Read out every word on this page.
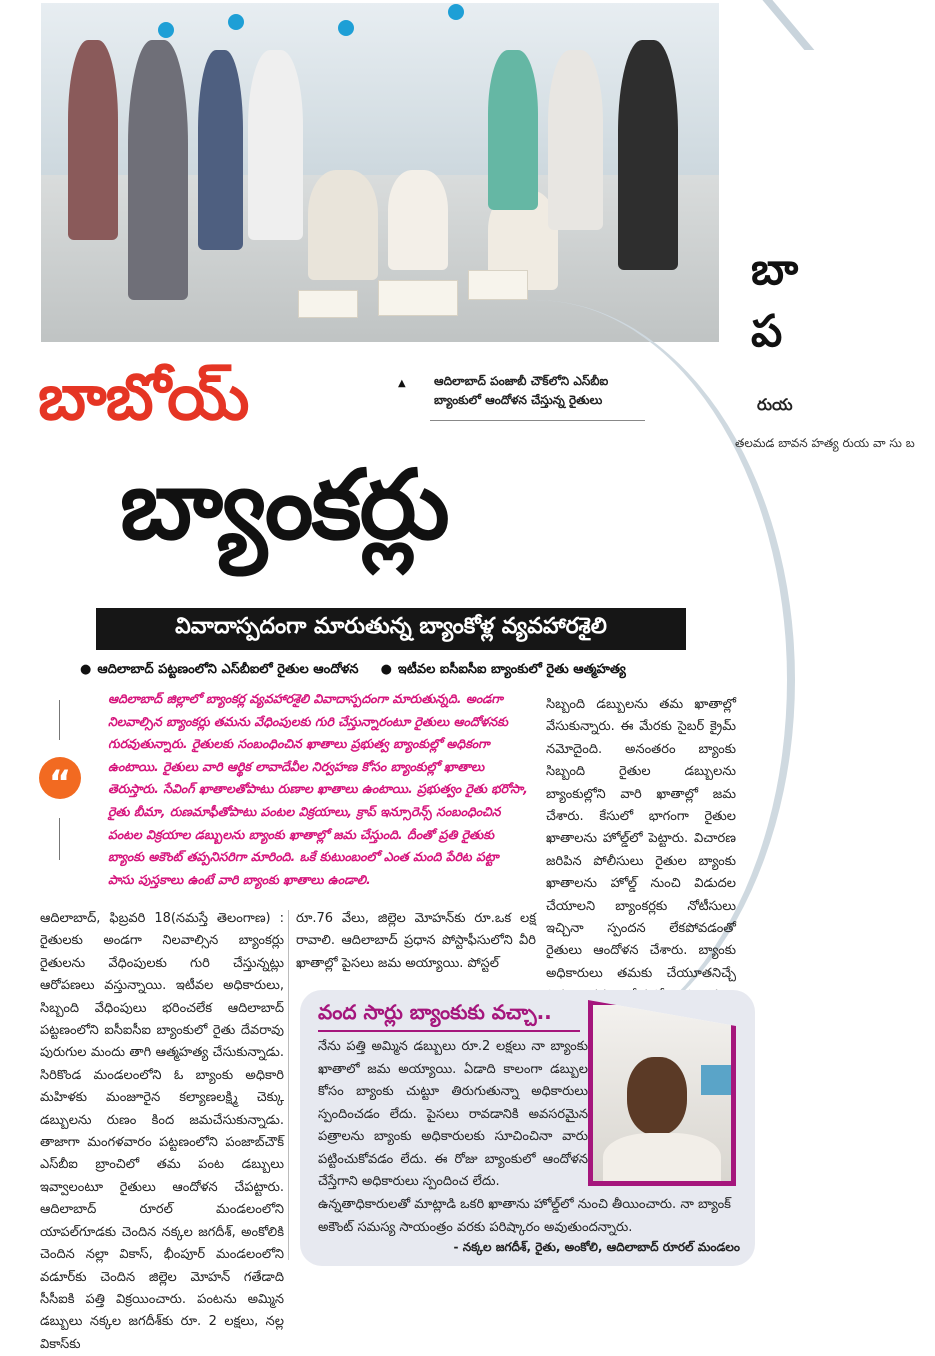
బా
ప
రుయ
తలమడ బావన హత్య రుయ వా సు బ
▲	ఆదిలాబాద్ పంజాబీ చౌక్‌లోని ఎస్‌బీఐ
బ్యాంకులో ఆందోళన చేస్తున్న రైతులు
బాబోయ్
బ్యాంకర్లు
వివాదాస్పదంగా మారుతున్న బ్యాంకోళ్ల వ్యవహారశైలి
● ఆదిలాబాద్ పట్టణంలోని ఎస్‌బీఐలో రైతుల ఆందోళన
●	ఇటీవల ఐసీఐసీఐ బ్యాంకులో రైతు ఆత్మహత్య
“
ఆదిలాబాద్ జిల్లాలో బ్యాంకర్ల వ్యవహారశైలి వివాదాస్పదంగా మారుతున్నది. అండగా నిలవాల్సిన బ్యాంకర్లు తమను వేధింపులకు గురి చేస్తున్నారంటూ రైతులు ఆందోళనకు గురవుతున్నారు. రైతులకు సంబంధించిన ఖాతాలు ప్రభుత్వ బ్యాంకుల్లో అధికంగా ఉంటాయి. రైతులు వారి ఆర్థిక లావాదేవీల నిర్వహణ కోసం బ్యాంకుల్లో ఖాతాలు తెరుస్తారు. సేవింగ్ ఖాతాలతోపాటు రుణాల ఖాతాలు ఉంటాయి. ప్రభుత్వం రైతు భరోసా, రైతు బీమా, రుణమాఫీతోపాటు పంటల విక్రయాలు, క్రాప్ ఇన్సూరెన్స్ సంబంధించిన పంటల విక్రయాల డబ్బులను బ్యాంకు ఖాతాల్లో జమ చేస్తుంది. దీంతో ప్రతి రైతుకు బ్యాంకు అకౌంట్ తప్పనిసరిగా మారింది. ఒకే కుటుంబంలో ఎంత మంది పేరిట పట్టా పాసు పుస్తకాలు ఉంటే వారి బ్యాంకు ఖాతాలు ఉండాలి.
సిబ్బంది డబ్బులను తమ ఖాతాల్లో వేసుకున్నారు. ఈ మేరకు సైబర్ క్రైమ్ నమోదైంది. అనంతరం బ్యాంకు సిబ్బంది రైతుల డబ్బులను బ్యాంకుల్లోని వారి ఖాతాల్లో జమ చేశారు. కేసులో భాగంగా రైతుల ఖాతాలను హోల్డ్‌లో పెట్టారు. విచారణ జరిపిన పోలీసులు రైతుల బ్యాంకు ఖాతాలను హోల్డ్ నుంచి విడుదల చేయాలని బ్యాంకర్లకు నోటీసులు ఇచ్చినా స్పందన లేకపోవడంతో రైతులు ఆందోళన చేశారు. బ్యాంకు అధికారులు తమకు చేయూతనిచ్చే
ఆదిలాబాద్, ఫిబ్రవరి 18(నమస్తే తెలంగాణ) : రైతులకు అండగా నిలవాల్సిన బ్యాంకర్లు రైతులను వేధింపులకు గురి చేస్తున్నట్లు ఆరోపణలు వస్తున్నాయి. ఇటీవల అధికారులు, సిబ్బంది వేధింపులు భరించలేక ఆదిలాబాద్ పట్టణంలోని ఐసీఐసీఐ బ్యాంకులో రైతు దేవరావు పురుగుల మందు తాగి ఆత్మహత్య చేసుకున్నాడు. సిరికొండ మండలంలోని ఓ బ్యాంకు అధికారి మహిళకు మంజూరైన కల్యాణలక్ష్మి చెక్కు డబ్బులను రుణం కింద జమచేసుకున్నాడు. తాజాగా మంగళవారం పట్టణంలోని పంజాబ్‌చౌక్ ఎస్‌బీఐ బ్రాంచిలో తమ పంట డబ్బులు ఇవ్వాలంటూ రైతులు ఆందోళన చేపట్టారు. ఆదిలాబాద్ రూరల్ మండలంలోని యాపల్‌గూడకు చెందిన నక్కల జగదీశ్, అంకోలికి చెందిన నల్లా వికాస్, భీంపూర్ మండలంలోని వడూర్‌కు చెందిన జిల్లెల మోహన్ గతేడాది సీసీఐకి పత్తి విక్రయించారు. పంటను అమ్మిన డబ్బులు నక్కల జగదీశ్‌కు రూ. 2 లక్షలు, నల్ల వికాస్‌కు
రూ.76 వేలు, జిల్లెల మోహన్‌కు రూ.ఒక లక్ష రావాలి. ఆదిలాబాద్ ప్రధాన పోస్టాఫీసులోని వీరి ఖాతాల్లో పైసలు జమ అయ్యాయి. పోస్టల్
వంద సార్లు బ్యాంకుకు వచ్చా..
నేను పత్తి అమ్మిన డబ్బులు రూ.2 లక్షలు నా బ్యాంకు ఖాతాలో జమ అయ్యాయి. ఏడాది కాలంగా డబ్బుల కోసం బ్యాంకు చుట్టూ తిరుగుతున్నా అధికారులు స్పందించడం లేదు. పైసలు రావడానికి అవసరమైన పత్రాలను బ్యాంకు అధికారులకు సూచించినా వారు పట్టించుకోవడం లేదు. ఈ రోజు బ్యాంకులో ఆందోళన చేస్తేగాని అధికారులు స్పందించ లేదు.
ఉన్నతాధికారులతో మాట్లాడి ఒకరి ఖాతాను హోల్డ్‌లో నుంచి తీయించారు. నా బ్యాంక్ అకౌంట్ సమస్య సాయంత్రం వరకు పరిష్కారం అవుతుందన్నారు.
- నక్కల జగదీశ్, రైతు, అంకోలి, ఆదిలాబాద్ రూరల్ మండలం
